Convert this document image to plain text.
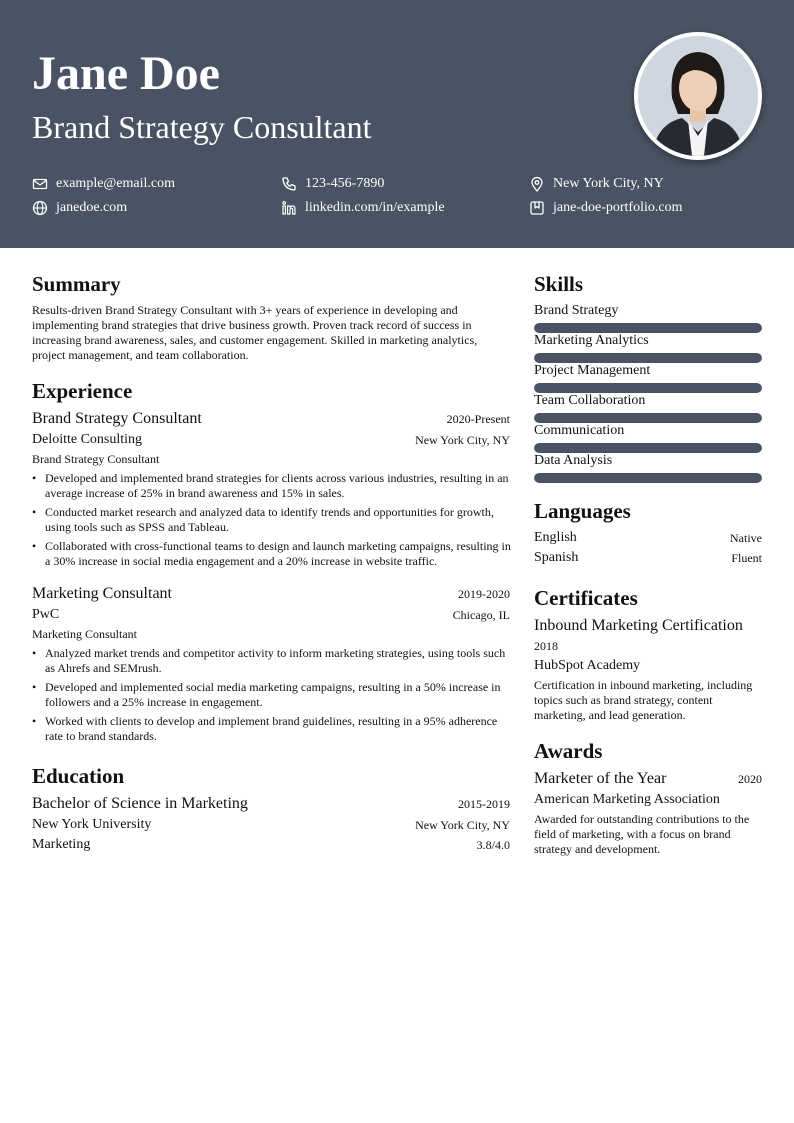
Jane Doe
Brand Strategy Consultant
example@email.com	123-456-7890	New York City, NY
janedoe.com	linkedin.com/in/example	jane-doe-portfolio.com
Summary
Results-driven Brand Strategy Consultant with 3+ years of experience in developing and implementing brand strategies that drive business growth. Proven track record of success in increasing brand awareness, sales, and customer engagement. Skilled in marketing analytics, project management, and team collaboration.
Experience
Brand Strategy Consultant	2020-Present
Deloitte Consulting	New York City, NY
Brand Strategy Consultant
• Developed and implemented brand strategies for clients across various industries, resulting in an average increase of 25% in brand awareness and 15% in sales.
• Conducted market research and analyzed data to identify trends and opportunities for growth, using tools such as SPSS and Tableau.
• Collaborated with cross-functional teams to design and launch marketing campaigns, resulting in a 30% increase in social media engagement and a 20% increase in website traffic.
Marketing Consultant	2019-2020
PwC	Chicago, IL
Marketing Consultant
• Analyzed market trends and competitor activity to inform marketing strategies, using tools such as Ahrefs and SEMrush.
• Developed and implemented social media marketing campaigns, resulting in a 50% increase in followers and a 25% increase in engagement.
• Worked with clients to develop and implement brand guidelines, resulting in a 95% adherence rate to brand standards.
Education
Bachelor of Science in Marketing	2015-2019
New York University	New York City, NY
Marketing	3.8/4.0
Skills
Brand Strategy
Marketing Analytics
Project Management
Team Collaboration
Communication
Data Analysis
Languages
English	Native
Spanish	Fluent
Certificates
Inbound Marketing Certification
2018
HubSpot Academy
Certification in inbound marketing, including topics such as brand strategy, content marketing, and lead generation.
Awards
Marketer of the Year	2020
American Marketing Association
Awarded for outstanding contributions to the field of marketing, with a focus on brand strategy and development.
